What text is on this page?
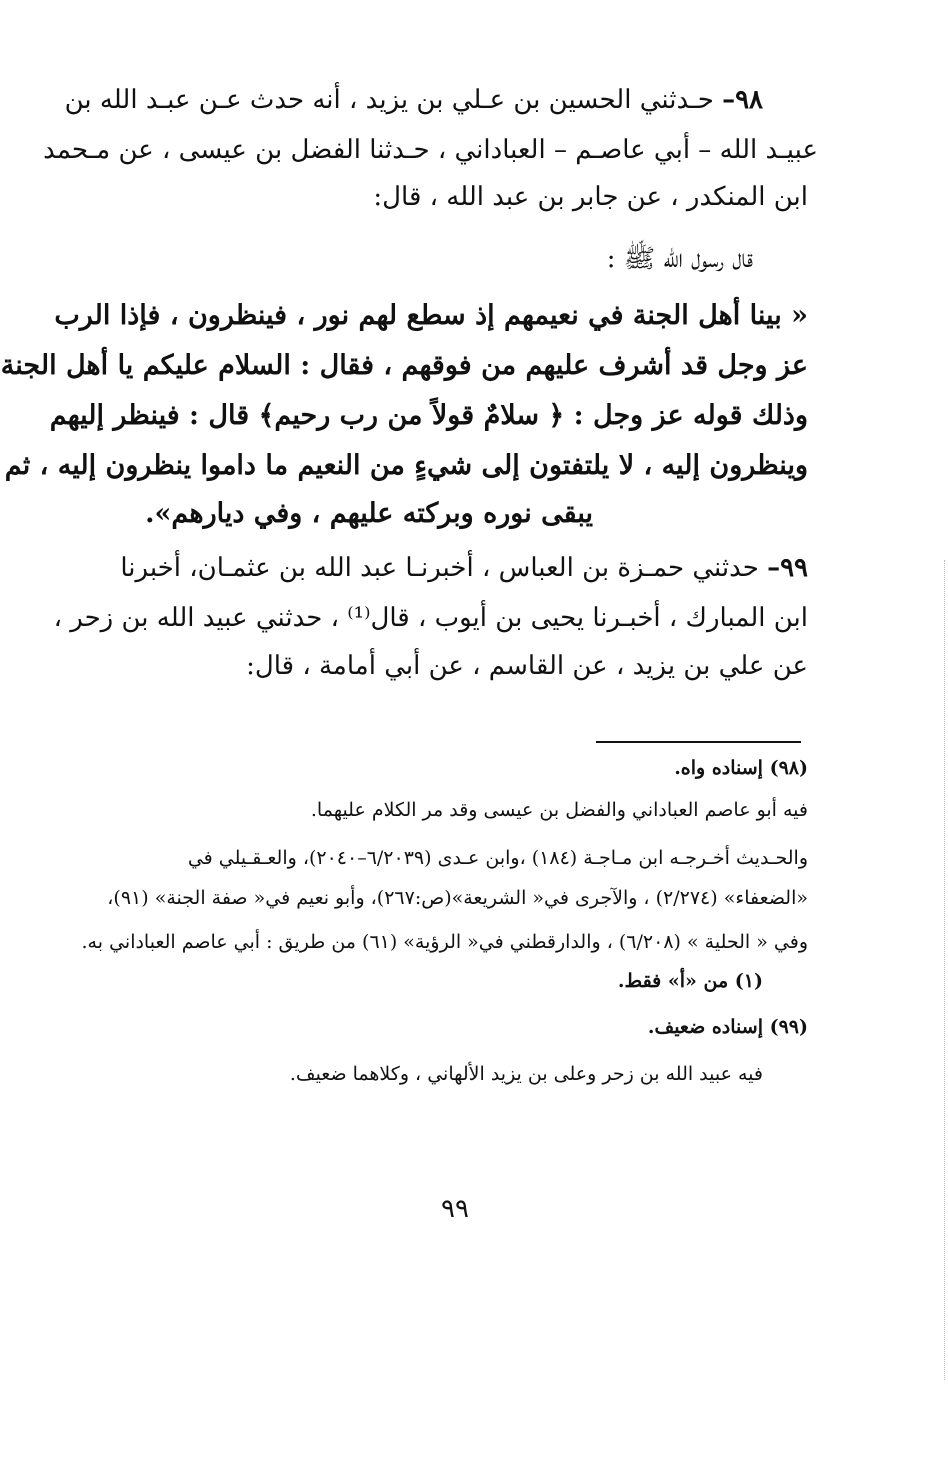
٩٨– حـدثني الحسين بن عـلي بن يزيد ، أنه حدث عـن عبـد الله بن
عبيـد الله – أبي عاصـم – العباداني ، حـدثنا الفضل بن عيسى ، عن مـحمد
ابن المنكدر ، عن جابر بن عبد الله ، قال:
قال رسول الله ﷺ :
« بينا أهل الجنة في نعيمهم إذ سطع لهم نور ، فينظرون ، فإذا الرب
عز وجل قد أشرف عليهم من فوقهم ، فقال : السلام عليكم يا أهل الجنة
وذلك قوله عز وجل : ﴿ سلامٌ قولاً من رب رحيم﴾ قال : فينظر إليهم
وينظرون إليه ، لا يلتفتون إلى شيءٍ من النعيم ما داموا ينظرون إليه ، ثم
يبقى نوره وبركته عليهم ، وفي ديارهم».
٩٩– حدثني حمـزة بن العباس ، أخبرنـا عبد الله بن عثمـان، أخبرنا
ابن المبارك ، أخبـرنا يحيى بن أيوب ، قال⁽¹⁾ ، حدثني عبيد الله بن زحر ،
عن علي بن يزيد ، عن القاسم ، عن أبي أمامة ، قال:
(٩٨) إسناده واه.
فيه أبو عاصم العباداني والفضل بن عيسى وقد مر الكلام عليهما.
والحـديث أخـرجـه ابن مـاجـة (١٨٤) ،وابن عـدى (٦/٢٠٣٩–٢٠٤٠)، والعـقـيلي في
«الضعفاء» (٢/٢٧٤) ، والآجرى في« الشريعة»(ص:٢٦٧)، وأبو نعيم في« صفة الجنة» (٩١)،
وفي « الحلية » (٦/٢٠٨) ، والدارقطني في« الرؤية» (٦١) من طريق : أبي عاصم العباداني به.
(١) من «أ» فقط.
(٩٩) إسناده ضعيف.
فيه عبيد الله بن زحر وعلى بن يزيد الألهاني ، وكلاهما ضعيف.
٩٩
